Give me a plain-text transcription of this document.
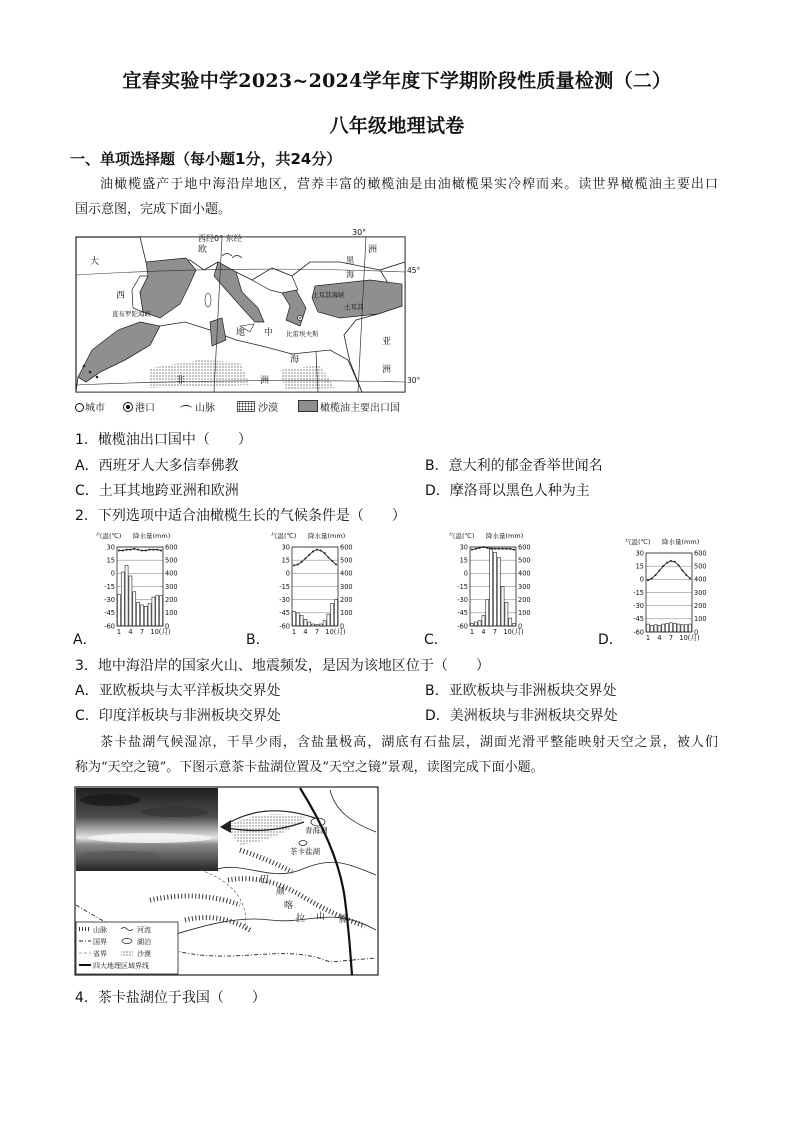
宜春实验中学2023~2024学年度下学期阶段性质量检测（二）
八年级地理试卷
一、单项选择题（每小题1分，共24分）
油橄榄盛产于地中海沿岸地区，营养丰富的橄榄油是由油橄榄果实冷榨而来。读世界橄榄油主要出口
国示意图，完成下面小题。
西经0° 东经
30°
45°
30°
大
西
直布罗陀海峡
欧	洲
黑
海
地 中
海
比雷埃夫斯
土耳其海峡
土耳其
亚
洲
非	洲
城市	港口	山脉	沙漠	橄榄油主要出口国
1．橄榄油出口国中（　　）
A．西班牙人大多信奉佛教	B．意大利的郁金香举世闻名
C．土耳其地跨亚洲和欧洲	D．摩洛哥以黑色人种为主
2．下列选项中适合油橄榄生长的气候条件是（　　）
气温(℃) 降水量(mm)
30
15
0
-15
-30
-45
-60
600
500
400
300
200
100
0
1 4 7 10(月)
气温(℃) 降水量(mm)
30
15
0
-15
-30
-45
-60
600
500
400
300
200
100
0
1 4 7 10(月)
气温(℃) 降水量(mm)
30
15
0
-15
-30
-45
-60
600
500
400
300
200
100
0
1 4 7 10(月)
气温(℃) 降水量(mm)
30
15
0
-15
-30
-45
-60
600
500
400
300
200
100
0
1 4 7 10(月)
A．	B．	C．	D．
3．地中海沿岸的国家火山、地震频发，是因为该地区位于（　　）
A．亚欧板块与太平洋板块交界处	B．亚欧板块与非洲板块交界处
C．印度洋板块与非洲板块交界处	D．美洲板块与非洲板块交界处
茶卡盐湖气候湿凉，干旱少雨，含盐量极高，湖底有石盐层，湖面光滑平整能映射天空之景，被人们
称为“天空之镜”。下图示意茶卡盐湖位置及“天空之镜”景观，读图完成下面小题。
青海湖
茶卡盐湖
巴
颜
喀
拉 山 脉
山脉	河流
国界	湖泊
省界	沙漠
四大地理区域界线
4．茶卡盐湖位于我国（　　）
